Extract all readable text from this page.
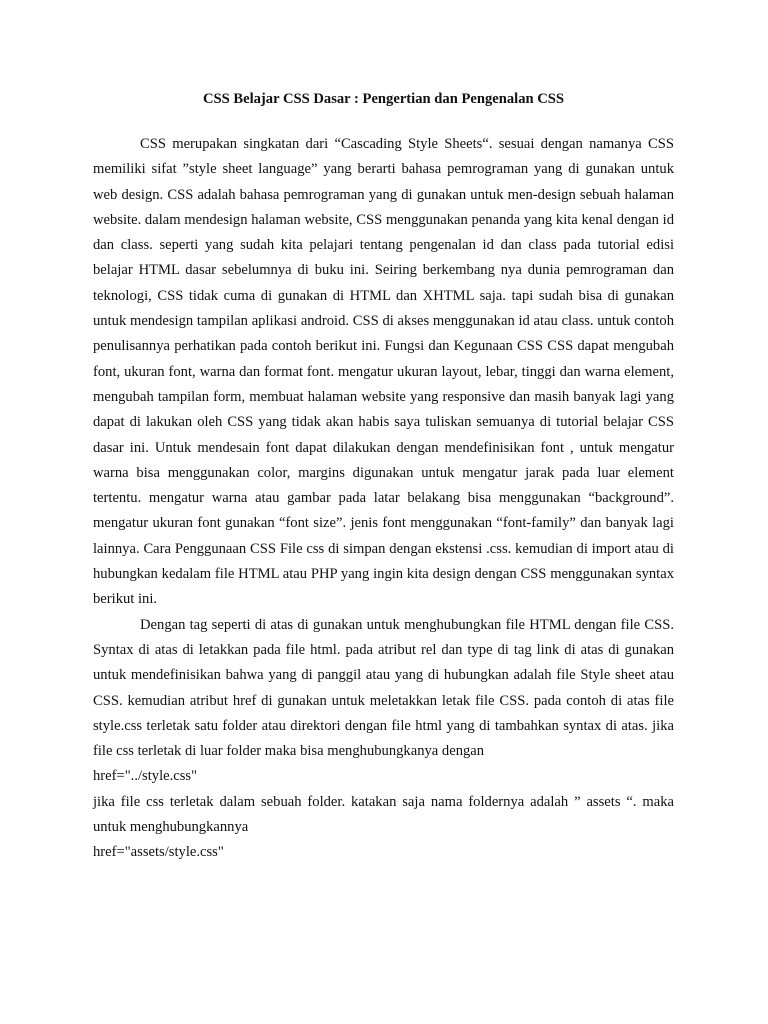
CSS Belajar CSS Dasar : Pengertian dan Pengenalan CSS

CSS merupakan singkatan dari “Cascading Style Sheets“. sesuai dengan namanya CSS memiliki sifat ”style sheet language” yang berarti bahasa pemrograman yang di gunakan untuk web design. CSS adalah bahasa pemrograman yang di gunakan untuk men-design sebuah halaman website. dalam mendesign halaman website, CSS menggunakan penanda yang kita kenal dengan id dan class. seperti yang sudah kita pelajari tentang pengenalan id dan class pada tutorial edisi belajar HTML dasar sebelumnya di buku ini. Seiring berkembang nya dunia pemrograman dan teknologi, CSS tidak cuma di gunakan di HTML dan XHTML saja. tapi sudah bisa di gunakan untuk mendesign tampilan aplikasi android. CSS di akses menggunakan id atau class. untuk contoh penulisannya perhatikan pada contoh berikut ini. Fungsi dan Kegunaan CSS CSS dapat mengubah font, ukuran font, warna dan format font. mengatur ukuran layout, lebar, tinggi dan warna element, mengubah tampilan form, membuat halaman website yang responsive dan masih banyak lagi yang dapat di lakukan oleh CSS yang tidak akan habis saya tuliskan semuanya di tutorial belajar CSS dasar ini. Untuk mendesain font dapat dilakukan dengan mendefinisikan font , untuk mengatur warna bisa menggunakan color, margins digunakan untuk mengatur jarak pada luar element tertentu. mengatur warna atau gambar pada latar belakang bisa menggunakan “background”. mengatur ukuran font gunakan “font size”. jenis font menggunakan “font-family” dan banyak lagi lainnya. Cara Penggunaan CSS File css di simpan dengan ekstensi .css. kemudian di import atau di hubungkan kedalam file HTML atau PHP yang ingin kita design dengan CSS menggunakan syntax berikut ini.

Dengan tag seperti di atas di gunakan untuk menghubungkan file HTML dengan file CSS. Syntax di atas di letakkan pada file html. pada atribut rel dan type di tag link di atas di gunakan untuk mendefinisikan bahwa yang di panggil atau yang di hubungkan adalah file Style sheet atau CSS. kemudian atribut href di gunakan untuk meletakkan letak file CSS. pada contoh di atas file style.css terletak satu folder atau direktori dengan file html yang di tambahkan syntax di atas. jika file css terletak di luar folder maka bisa menghubungkanya dengan

href="../style.css"

jika file css terletak dalam sebuah folder. katakan saja nama foldernya adalah ” assets “. maka untuk menghubungkannya

href="assets/style.css"
